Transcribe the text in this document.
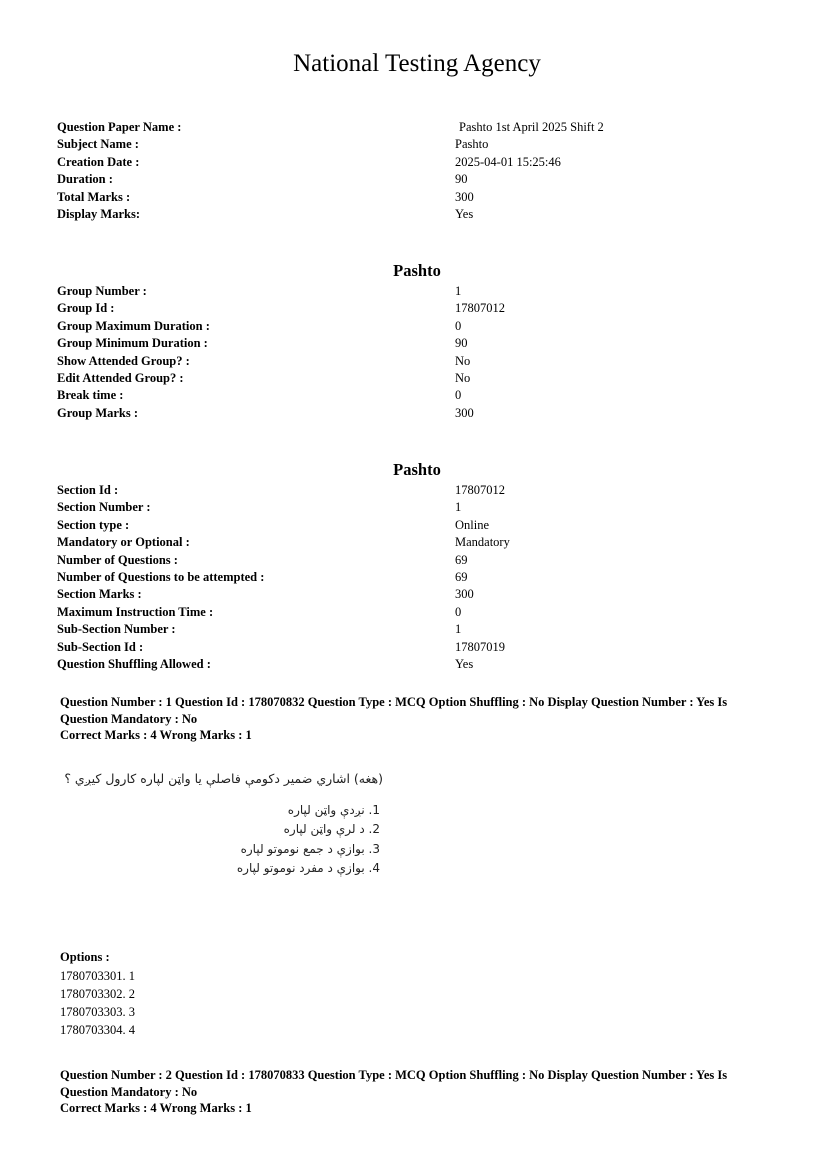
National Testing Agency
Question Paper Name :	Pashto 1st April 2025 Shift 2
Subject Name :	Pashto
Creation Date :	2025-04-01 15:25:46
Duration :	90
Total Marks :	300
Display Marks:	Yes
Pashto
Group Number :	1
Group Id :	17807012
Group Maximum Duration :	0
Group Minimum Duration :	90
Show Attended Group? :	No
Edit Attended Group? :	No
Break time :	0
Group Marks :	300
Pashto
Section Id :	17807012
Section Number :	1
Section type :	Online
Mandatory or Optional :	Mandatory
Number of Questions :	69
Number of Questions to be attempted :	69
Section Marks :	300
Maximum Instruction Time :	0
Sub-Section Number :	1
Sub-Section Id :	17807019
Question Shuffling Allowed :	Yes

Question Number : 1 Question Id : 178070832 Question Type : MCQ Option Shuffling : No Display Question Number : Yes Is

Question Mandatory : No

Correct Marks : 4 Wrong Marks : 1

(هغه) اشاري ضمير دکومې فاصلې يا واټن لپاره کارول کيږي ؟
1. نږدې واټن لپاره
2. د لرې واټن لپاره
3. بوازې د جمع نوموتو لپاره
4. بوازې د مفرد نوموتو لپاره
Options :
1780703301. 1
1780703302. 2
1780703303. 3
1780703304. 4

Question Number : 2 Question Id : 178070833 Question Type : MCQ Option Shuffling : No Display Question Number : Yes Is

Question Mandatory : No

Correct Marks : 4 Wrong Marks : 1
